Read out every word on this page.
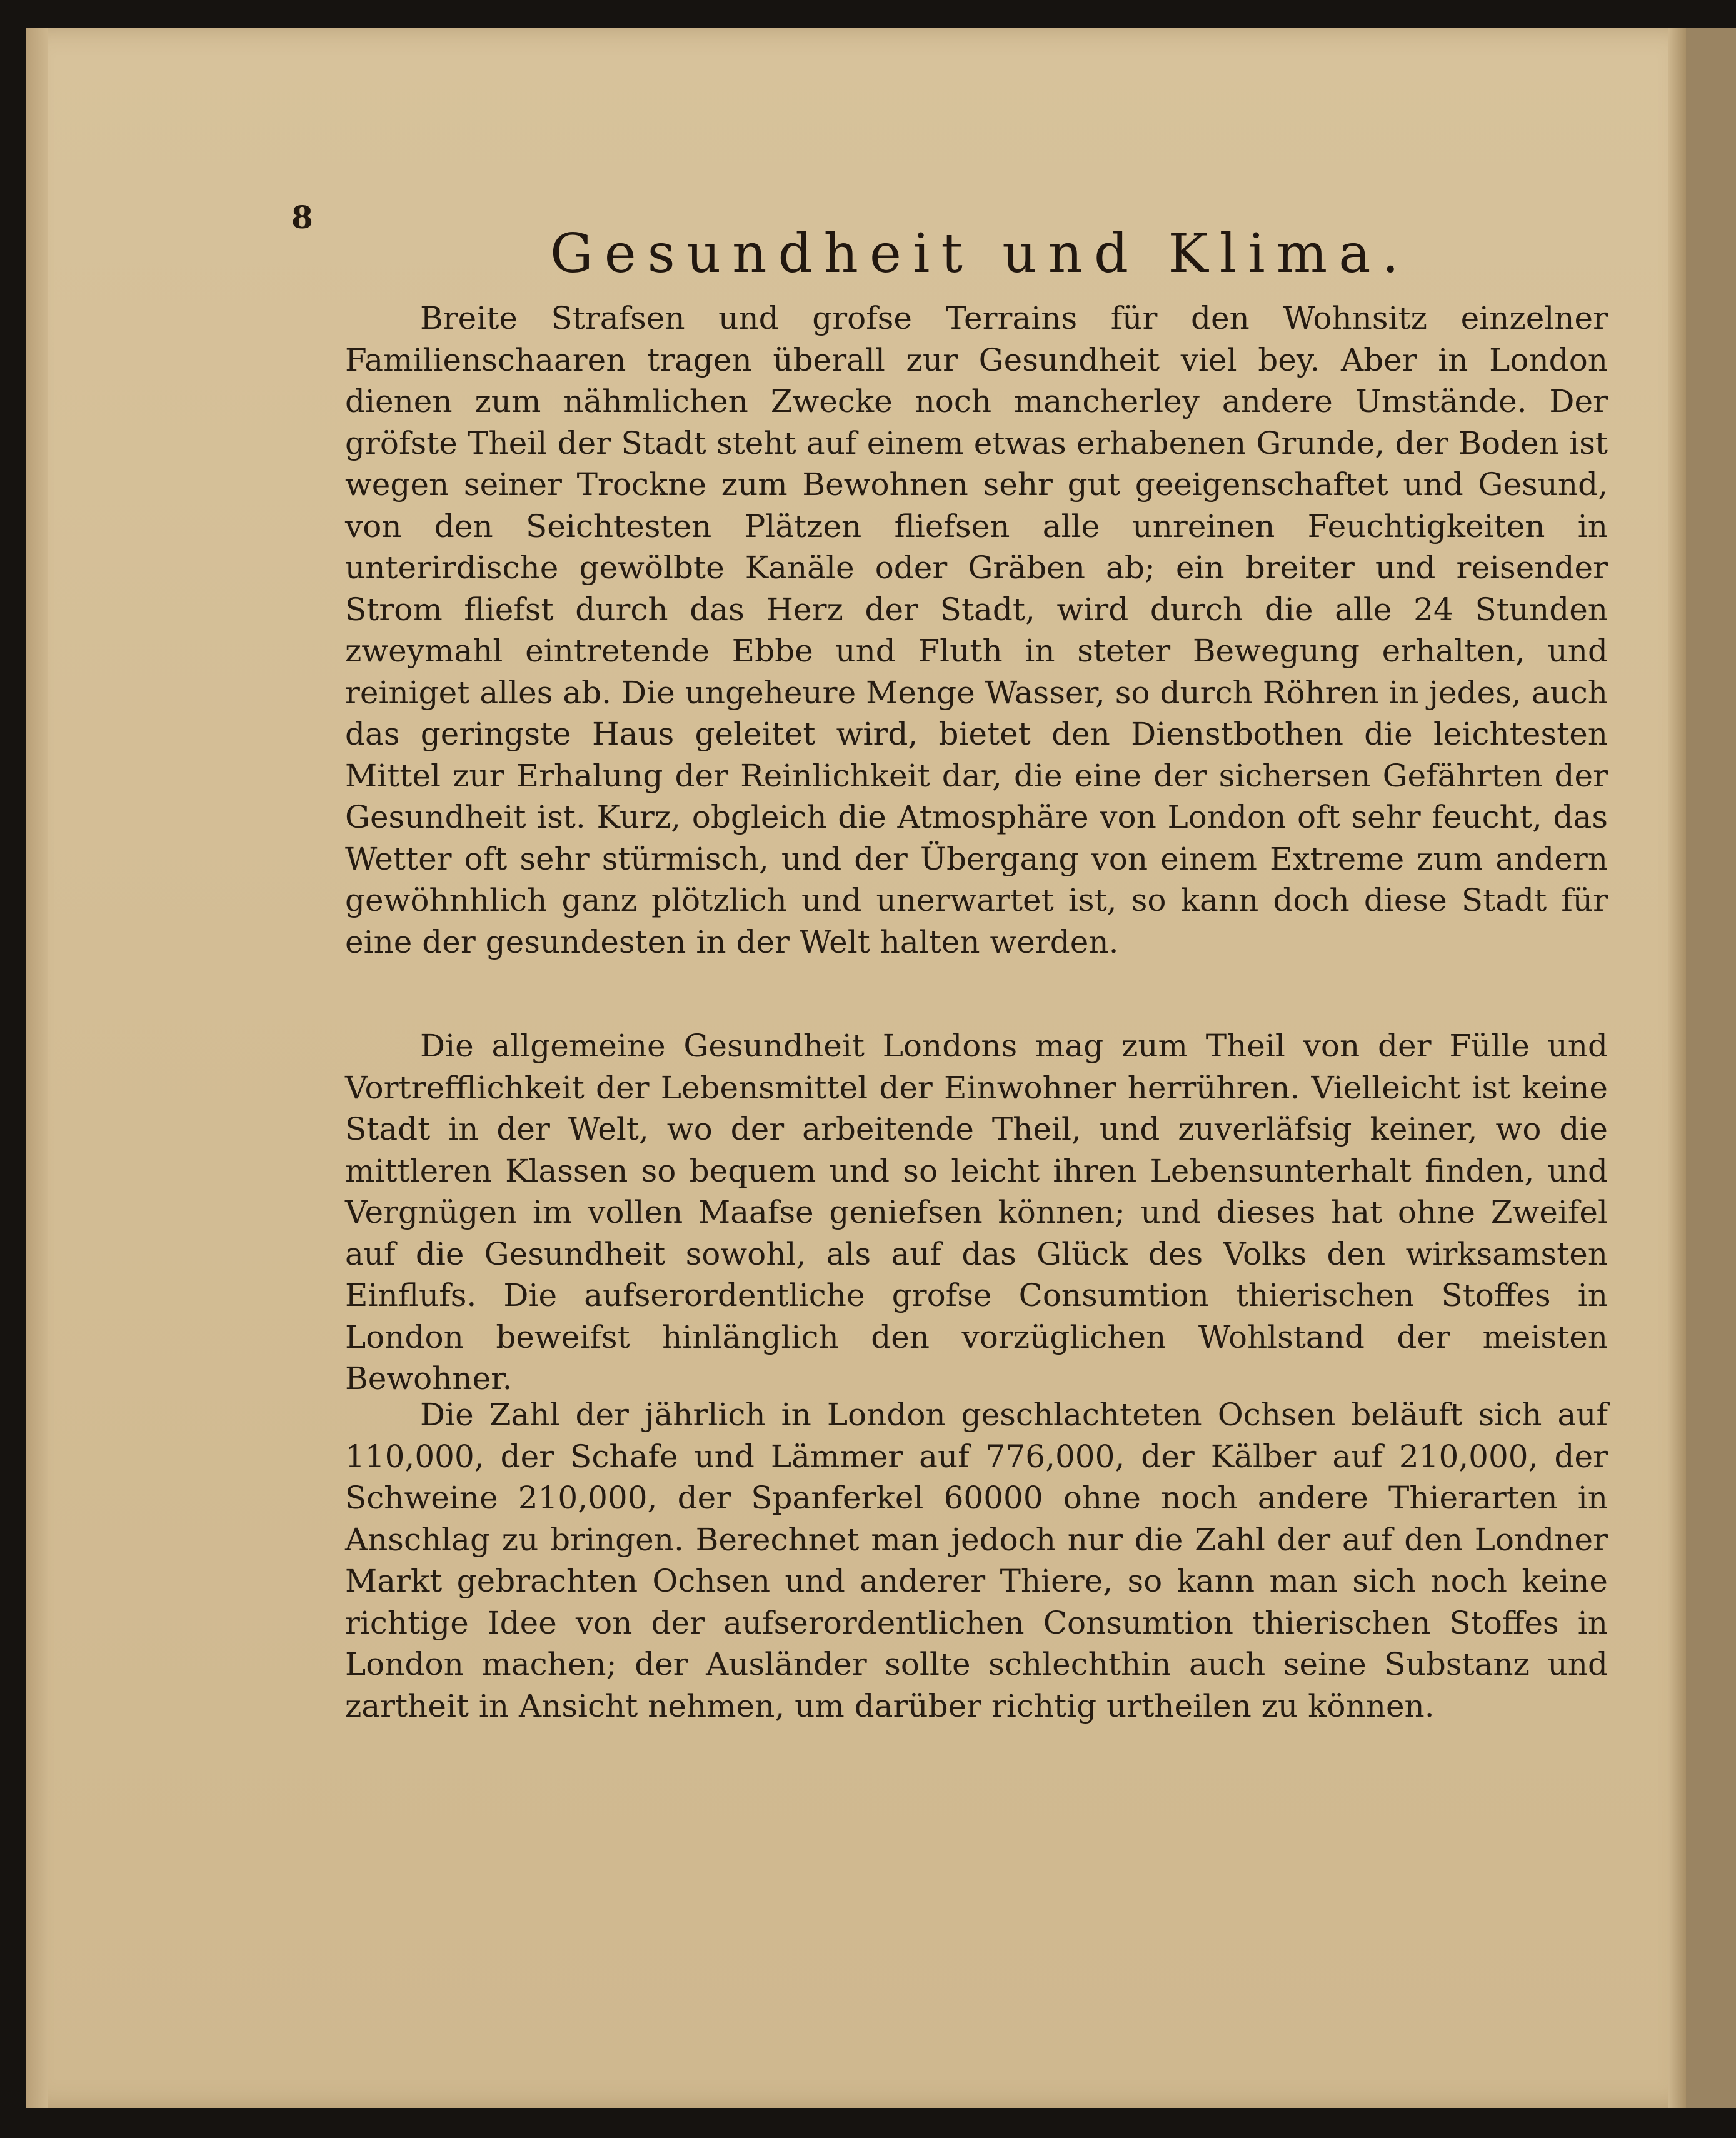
8
Gesundheit und Klima.

Breite Strafsen und grofse Terrains für den Wohnsitz einzelner Familienschaaren tragen überall zur Gesundheit viel bey. Aber in London dienen zum nähmlichen Zwecke noch mancherley andere Umstände. Der gröfste Theil der Stadt steht auf einem etwas erhabenen Grunde, der Boden ist wegen seiner Trockne zum Bewohnen sehr gut geeigenschaftet und Gesund, von den Seichtesten Plätzen fliefsen alle unreinen Feuchtigkeiten in unterirdische gewölbte Kanäle oder Gräben ab; ein breiter und reisender Strom fliefst durch das Herz der Stadt, wird durch die alle 24 Stunden zweymahl eintretende Ebbe und Fluth in steter Bewegung erhalten, und reiniget alles ab. Die ungeheure Menge Wasser, so durch Röhren in jedes, auch das geringste Haus geleitet wird, bietet den Dienstbothen die leichtesten Mittel zur Erhalung der Reinlichkeit dar, die eine der sichersen Gefährten der Gesundheit ist. Kurz, obgleich die Atmosphäre von London oft sehr feucht, das Wetter oft sehr stürmisch, und der Übergang von einem Extreme zum andern gewöhnhlich ganz plötzlich und unerwartet ist, so kann doch diese Stadt für eine der gesundesten in der Welt halten werden.

Die allgemeine Gesundheit Londons mag zum Theil von der Fülle und Vortrefflichkeit der Lebensmittel der Einwohner herrühren. Vielleicht ist keine Stadt in der Welt, wo der arbeitende Theil, und zuverläfsig keiner, wo die mittleren Klassen so bequem und so leicht ihren Lebensunterhalt finden, und Vergnügen im vollen Maafse geniefsen können; und dieses hat ohne Zweifel auf die Gesundheit sowohl, als auf das Glück des Volks den wirksamsten Einflufs. Die aufserordentliche grofse Consumtion thierischen Stoffes in London beweifst hinlänglich den vorzüglichen Wohlstand der meisten Bewohner.

Die Zahl der jährlich in London geschlachteten Ochsen beläuft sich auf 110,000, der Schafe und Lämmer auf 776,000, der Kälber auf 210,000, der Schweine 210,000, der Spanferkel 60000 ohne noch andere Thierarten in Anschlag zu bringen. Berechnet man jedoch nur die Zahl der auf den Londner Markt gebrachten Ochsen und anderer Thiere, so kann man sich noch keine richtige Idee von der aufserordentlichen Consumtion thierischen Stoffes in London machen; der Ausländer sollte schlechthin auch seine Substanz und zartheit in Ansicht nehmen, um darüber richtig urtheilen zu können.
